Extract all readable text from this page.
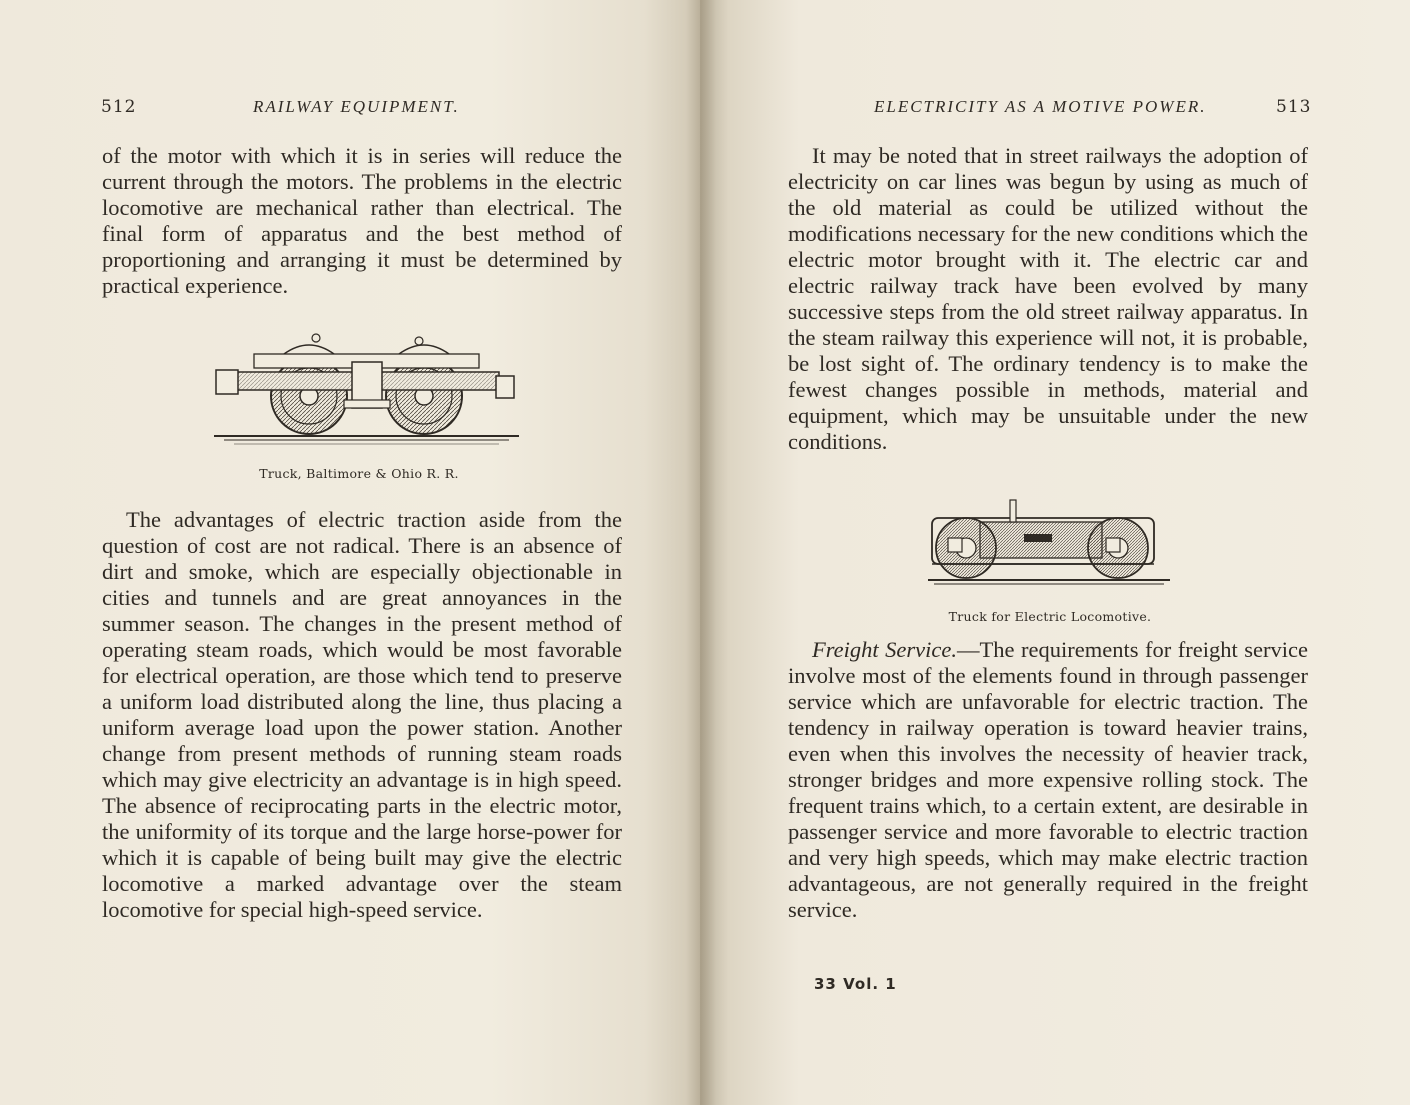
512	RAILWAY EQUIPMENT.

of the motor with which it is in series will reduce the current through the motors. The problems in the electric locomotive are mechanical rather than electrical. The final form of apparatus and the best method of proportioning and arranging it must be determined by practical experience.

Truck, Baltimore & Ohio R. R.

The advantages of electric traction aside from the question of cost are not radical. There is an absence of dirt and smoke, which are especially objectionable in cities and tunnels and are great annoyances in the summer season. The changes in the present method of operating steam roads, which would be most favorable for electrical operation, are those which tend to preserve a uniform load distributed along the line, thus placing a uniform average load upon the power station. Another change from present methods of running steam roads which may give electricity an advantage is in high speed. The absence of reciprocating parts in the electric motor, the uniformity of its torque and the large horse-power for which it is capable of being built may give the electric locomotive a marked advantage over the steam locomotive for special high-speed service.

ELECTRICITY AS A MOTIVE POWER.	513

It may be noted that in street railways the adoption of electricity on car lines was begun by using as much of the old material as could be utilized without the modifications necessary for the new conditions which the electric motor brought with it. The electric car and electric railway track have been evolved by many successive steps from the old street railway apparatus. In the steam railway this experience will not, it is probable, be lost sight of. The ordinary tendency is to make the fewest changes possible in methods, material and equipment, which may be unsuitable under the new conditions.

Truck for Electric Locomotive.

Freight Service.—The requirements for freight service involve most of the elements found in through passenger service which are unfavorable for electric traction. The tendency in railway operation is toward heavier trains, even when this involves the necessity of heavier track, stronger bridges and more expensive rolling stock. The frequent trains which, to a certain extent, are desirable in passenger service and more favorable to electric traction and very high speeds, which may make electric traction advantageous, are not generally required in the freight service.

33 Vol. 1
